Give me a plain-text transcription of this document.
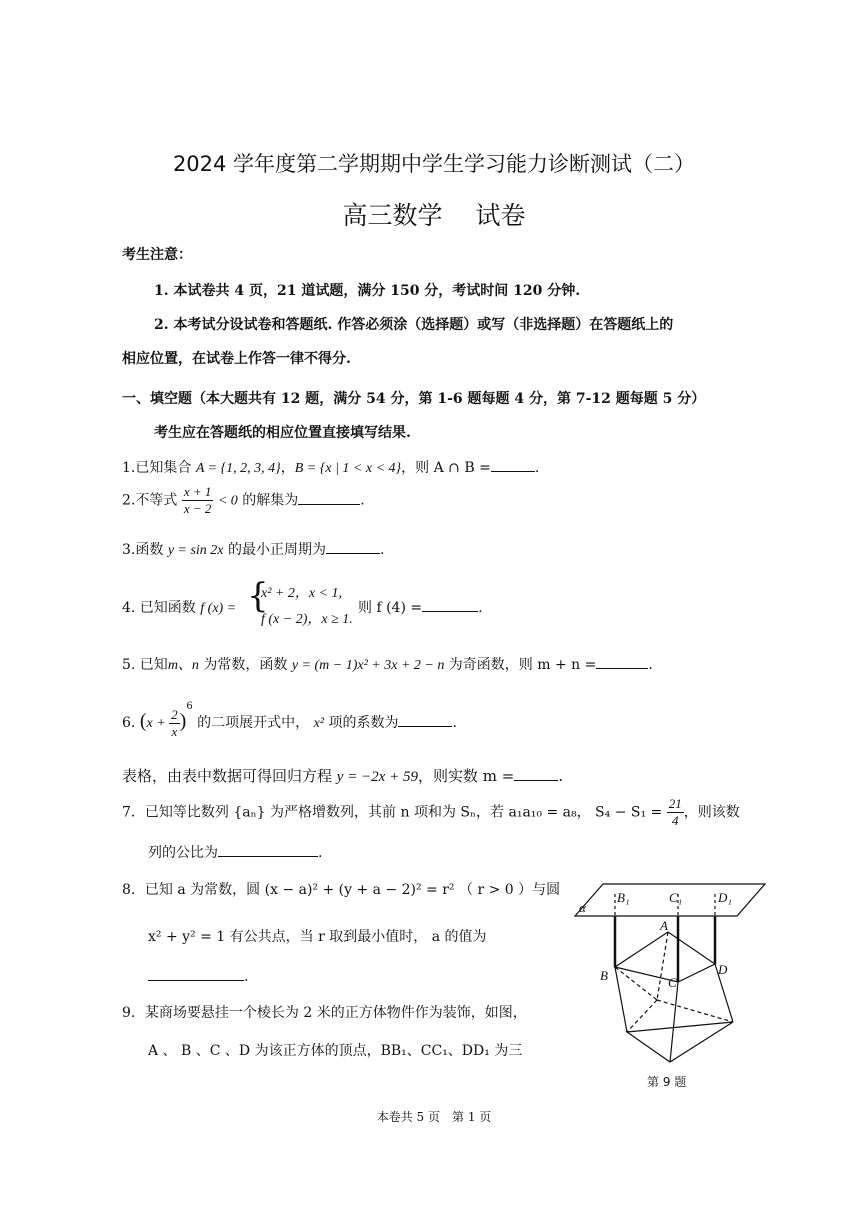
2024 学年度第二学期期中学生学习能力诊断测试（二）
高三数学　 试卷
考生注意：
1. 本试卷共 4 页，21 道试题，满分 150 分，考试时间 120 分钟.
2. 本考试分设试卷和答题纸. 作答必须涂（选择题）或写（非选择题）在答题纸上的
相应位置，在试卷上作答一律不得分.
一、填空题（本大题共有 12 题，满分 54 分，第 1-6 题每题 4 分，第 7-12 题每题 5 分）
考生应在答题纸的相应位置直接填写结果.
1.已知集合 A = {1, 2, 3, 4}，B = {x | 1 < x < 4}，则 A ∩ B =	.
2.不等式 $\frac{x + 1}{x - 2} < 0$ 的解集为	.
3.函数 y = sin 2x 的最小正周期为	.
4. 已知函数 f (x) = {
x² + 2，x < 1,
f (x − 2)，x ≥ 1.
则 f (4) =	.
5. 已知m、n 为常数，函数 y = (m − 1)x² + 3x + 2 − n 为奇函数，则 m + n =	.
6. $(x + \frac{2}{x} )^6$ 的二项展开式中， x² 项的系数为	.
表格，由表中数据可得回归方程 y = −2x + 59，则实数 m =	.
7．已知等比数列 {aₙ} 为严格增数列，其前 n 项和为 Sₙ，若 a₁a₁₀ = a₈， $S_4 - S_1 = \frac{21}{4}$ ，则该数
列的公比为	.
8．已知 a 为常数，圆 (x − a)² + (y + a − 2)² = r² （ r > 0 ）与圆
x² + y² = 1 有公共点，当 r 取到最小值时， a 的值为
.
9．某商场要悬挂一个棱长为 2 米的正方体物件作为装饰，如图，
A 、 B 、C 、D 为该正方体的顶点，BB₁、CC₁、DD₁ 为三
α
B₁	C₁	D₁
A
B	C
D
第 9 题
本卷共 5 页　第 1 页
